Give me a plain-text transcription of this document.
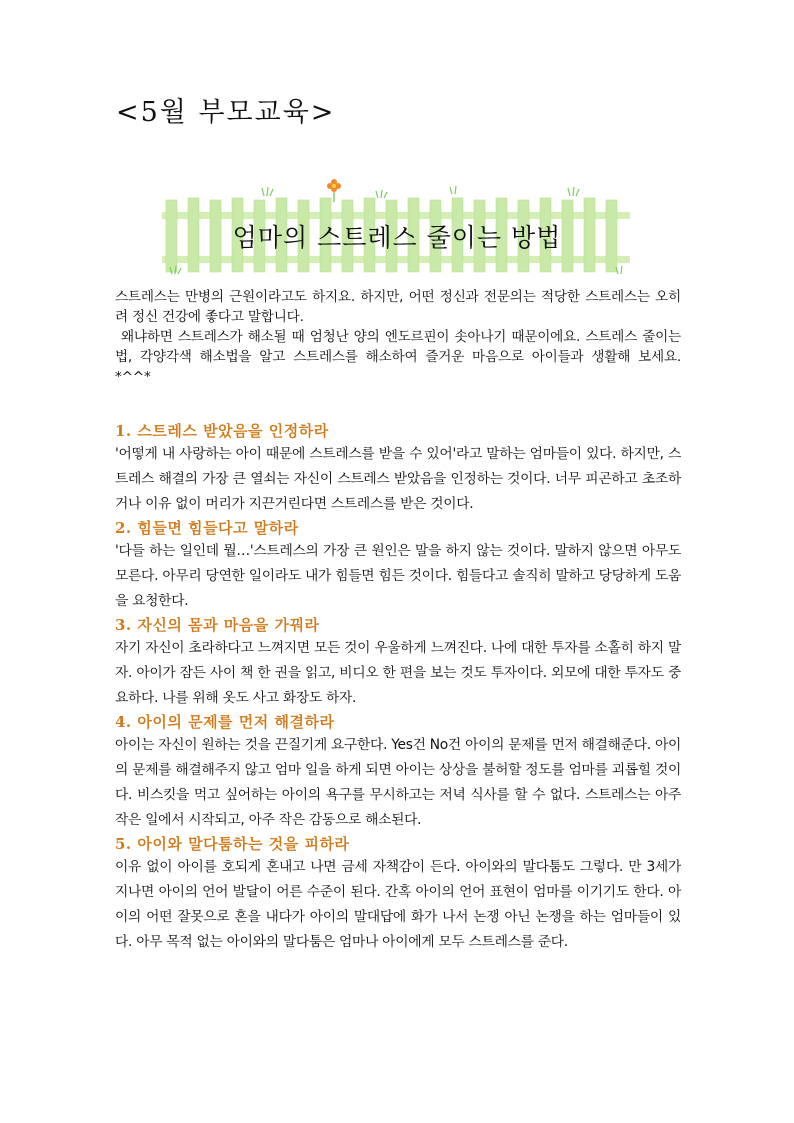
<5월 부모교육>
엄마의 스트레스 줄이는 방법

스트레스는 만병의 근원이라고도 하지요. 하지만, 어떤 정신과 전문의는 적당한 스트레스는 오히려 정신 건강에 좋다고 말합니다.

왜냐하면 스트레스가 해소될 때 엄청난 양의 엔도르핀이 솟아나기 때문이에요. 스트레스 줄이는 법, 각양각색 해소법을 알고 스트레스를 해소하여 즐거운 마음으로 아이들과 생활해 보세요. *^^*

1. 스트레스 받았음을 인정하라

'어떻게 내 사랑하는 아이 때문에 스트레스를 받을 수 있어'라고 말하는 엄마들이 있다. 하지만, 스트레스 해결의 가장 큰 열쇠는 자신이 스트레스 받았음을 인정하는 것이다. 너무 피곤하고 초조하거나 이유 없이 머리가 지끈거린다면 스트레스를 받은 것이다.

2. 힘들면 힘들다고 말하라

'다들 하는 일인데 뭘…'스트레스의 가장 큰 원인은 말을 하지 않는 것이다. 말하지 않으면 아무도 모른다. 아무리 당연한 일이라도 내가 힘들면 힘든 것이다. 힘들다고 솔직히 말하고 당당하게 도움을 요청한다.

3. 자신의 몸과 마음을 가꿔라

자기 자신이 초라하다고 느껴지면 모든 것이 우울하게 느껴진다. 나에 대한 투자를 소홀히 하지 말자. 아이가 잠든 사이 책 한 권을 읽고, 비디오 한 편을 보는 것도 투자이다. 외모에 대한 투자도 중요하다. 나를 위해 옷도 사고 화장도 하자.

4. 아이의 문제를 먼저 해결하라

아이는 자신이 원하는 것을 끈질기게 요구한다. Yes건 No건 아이의 문제를 먼저 해결해준다. 아이의 문제를 해결해주지 않고 엄마 일을 하게 되면 아이는 상상을 불허할 정도를 엄마를 괴롭힐 것이다. 비스킷을 먹고 싶어하는 아이의 욕구를 무시하고는 저녁 식사를 할 수 없다. 스트레스는 아주 작은 일에서 시작되고, 아주 작은 감동으로 해소된다.

5. 아이와 말다툼하는 것을 피하라

이유 없이 아이를 호되게 혼내고 나면 금세 자책감이 든다. 아이와의 말다툼도 그렇다. 만 3세가 지나면 아이의 언어 발달이 어른 수준이 된다. 간혹 아이의 언어 표현이 엄마를 이기기도 한다. 아이의 어떤 잘못으로 혼을 내다가 아이의 말대답에 화가 나서 논쟁 아닌 논쟁을 하는 엄마들이 있다. 아무 목적 없는 아이와의 말다툼은 엄마나 아이에게 모두 스트레스를 준다.
